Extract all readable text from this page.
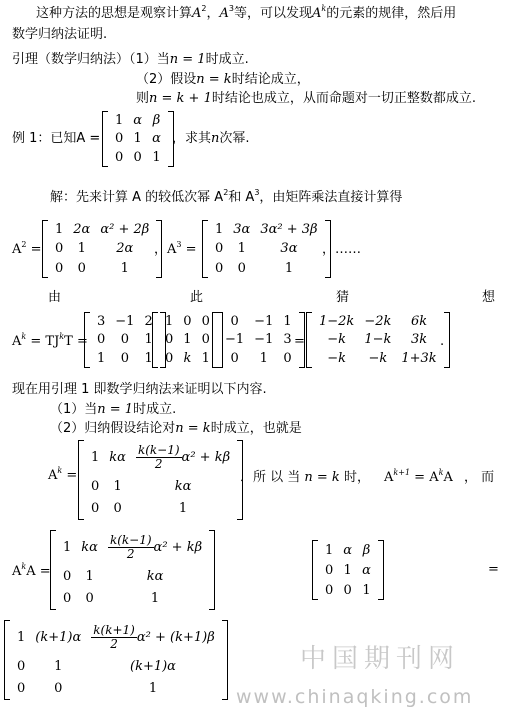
这种方法的思想是观察计算$A^2$，$A^3$等，可以发现$A^k$的元素的规律，然后用
数学归纳法证明.
引理（数学归纳法）（1）当n = 1时成立.
（2）假设n = k时结论成立，
则n = k + 1时结论也成立，从而命题对一切正整数都成立.
例 1：已知A =
1	α	β
0	1	α
0	0	1
，求其n次幂.
解：先来计算 A 的较低次幂 $A^2$和 $A^3$，由矩阵乘法直接计算得
$A^2$ =
1	2α	α² + 2β
0	1	2α
0	0	1
，$A^3$ =
1	3α	3α² + 3β
0	1	3α
0	0	1
，……
由	此	猜	想
$A^k = TJ^kT$ =
3	−1	2
0	0	1
1	0	1
1	0	0
0	1	0
0	k	1
0	−1	1
−1	−1	3
0	1	0
=
1−2k	−2k	6k
−k	1−k	3k
−k	−k	1+3k
.
现在用引理 1 即数学归纳法来证明以下内容.
（1）当n = 1时成立.
（2）归纳假设结论对n = k时成立，也就是
$A^k$ =
1	kα	$\frac{k(k-1)}{2} \alpha^2 + k\beta$
0	1	kα
0	0	1
．所 以 当 n = k 时， $A^{k+1} = A^kA$ ， 而
$A^kA$ =
1	kα	$\frac{k(k-1)}{2} \alpha^2 + k\beta$
0	1	kα
0	0	1
1	α	β
0	1	α
0	0	1
=
1	(k+1)α	$\frac{k(k+1)}{2} \alpha^2 + (k+1)\beta$
0	1	(k+1)α
0	0	1
中国期刊网
www.chinaqking.com
